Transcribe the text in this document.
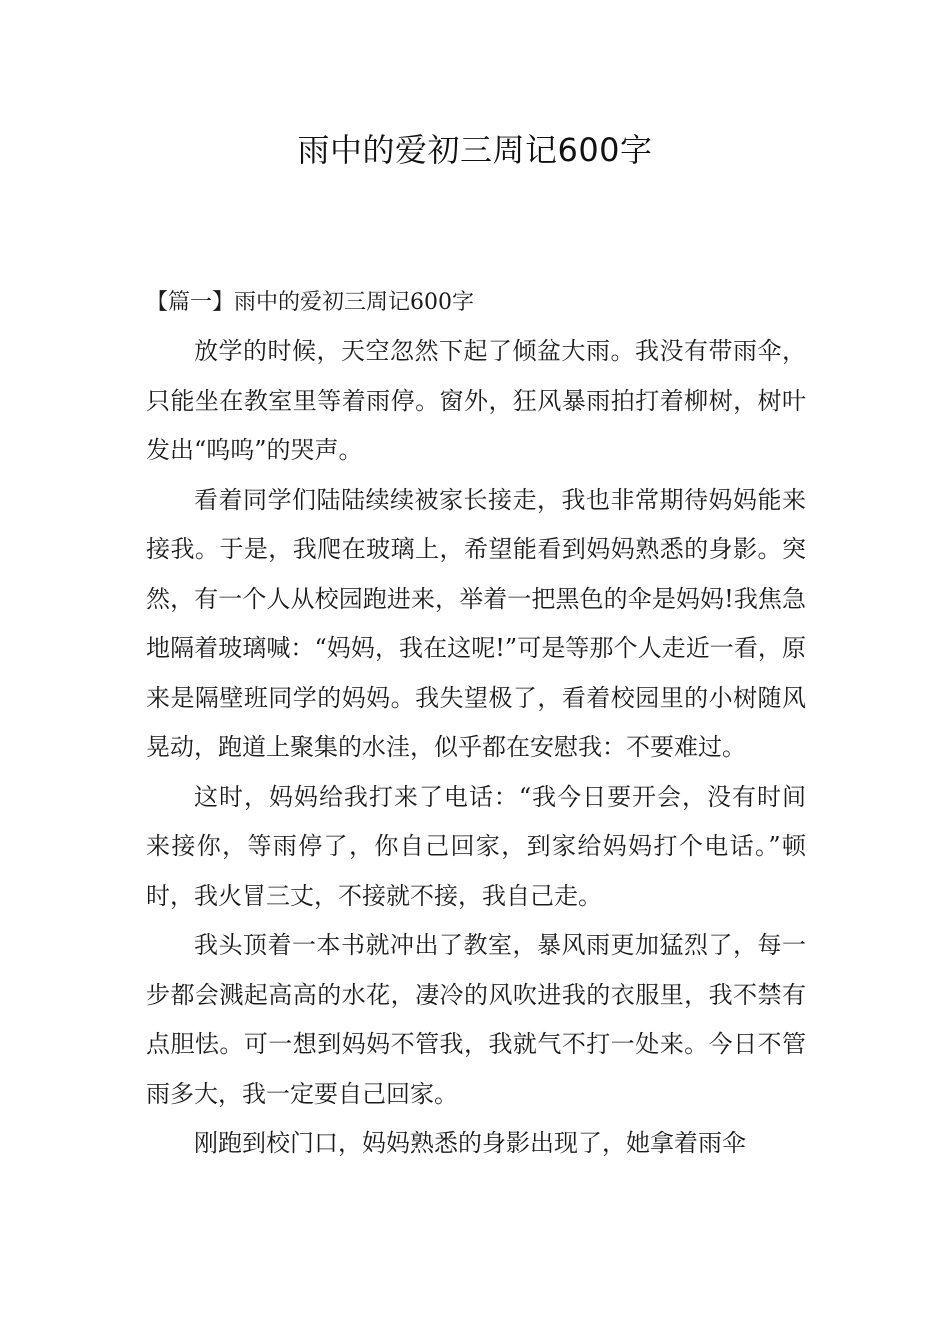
雨中的爱初三周记600字

【篇一】雨中的爱初三周记600字

放学的时候，天空忽然下起了倾盆大雨。我没有带雨伞，只能坐在教室里等着雨停。窗外，狂风暴雨拍打着柳树，树叶发出“呜呜”的哭声。

看着同学们陆陆续续被家长接走，我也非常期待妈妈能来接我。于是，我爬在玻璃上，希望能看到妈妈熟悉的身影。突然，有一个人从校园跑进来，举着一把黑色的伞是妈妈!我焦急地隔着玻璃喊：“妈妈，我在这呢!”可是等那个人走近一看，原来是隔壁班同学的妈妈。我失望极了，看着校园里的小树随风晃动，跑道上聚集的水洼，似乎都在安慰我：不要难过。

这时，妈妈给我打来了电话：“我今日要开会，没有时间来接你，等雨停了，你自己回家，到家给妈妈打个电话。”顿时，我火冒三丈，不接就不接，我自己走。

我头顶着一本书就冲出了教室，暴风雨更加猛烈了，每一步都会溅起高高的水花，凄冷的风吹进我的衣服里，我不禁有点胆怯。可一想到妈妈不管我，我就气不打一处来。今日不管雨多大，我一定要自己回家。

刚跑到校门口，妈妈熟悉的身影出现了，她拿着雨伞
